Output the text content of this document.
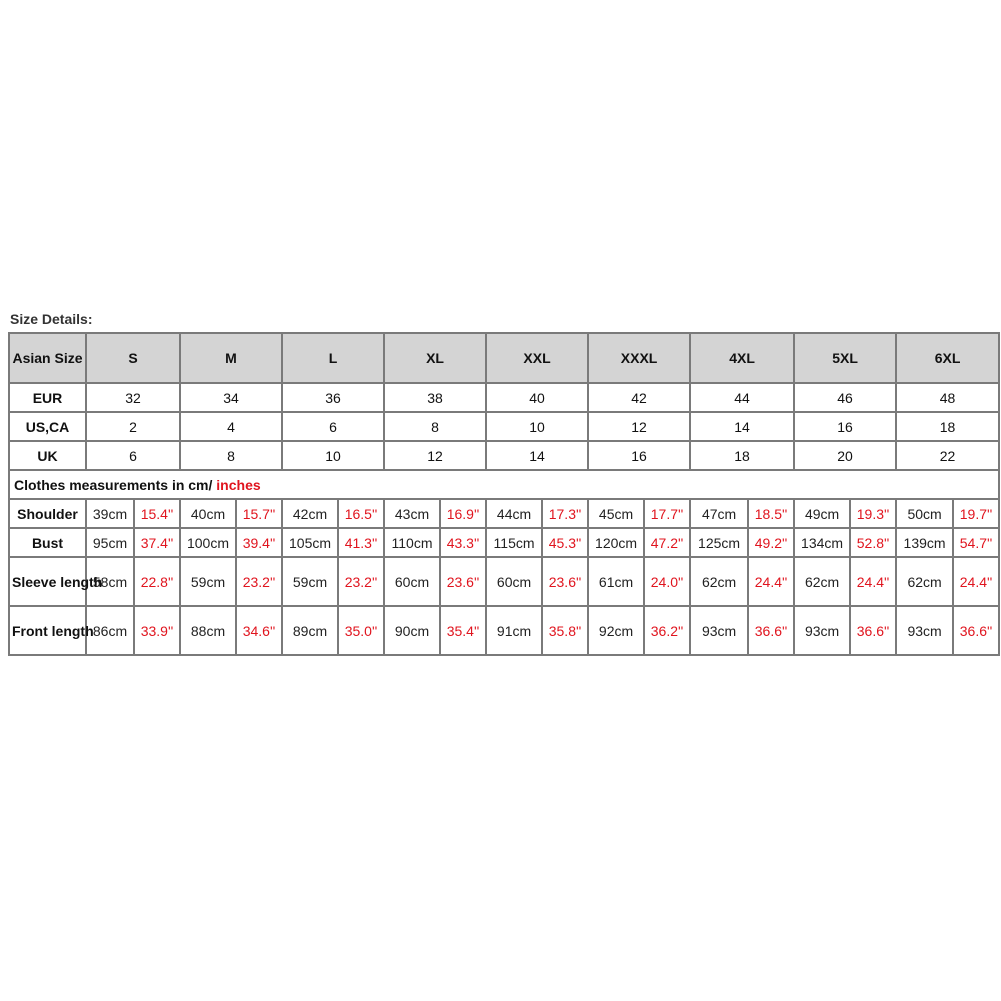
Size Details:
Asian Size	S		M		L		XL		XXL		XXXL		4XL		5XL		6XL	
EUR	32		34		36		38		40		42		44		46		48	
US,CA	2		4		6		8		10		12		14		16		18	
UK	6		8		10		12		14		16		18		20		22	
Clothes measurements in cm/ inches																		
Shoulder	39cm	15.4''	40cm	15.7''	42cm	16.5''	43cm	16.9''	44cm	17.3''	45cm	17.7''	47cm	18.5''	49cm	19.3''	50cm	19.7''
Bust	95cm	37.4''	100cm	39.4''	105cm	41.3''	110cm	43.3''	115cm	45.3''	120cm	47.2''	125cm	49.2''	134cm	52.8''	139cm	54.7''
Sleeve length	58cm	22.8''	59cm	23.2''	59cm	23.2''	60cm	23.6''	60cm	23.6''	61cm	24.0''	62cm	24.4''	62cm	24.4''	62cm	24.4''
Front length	86cm	33.9''	88cm	34.6''	89cm	35.0''	90cm	35.4''	91cm	35.8''	92cm	36.2''	93cm	36.6''	93cm	36.6''	93cm	36.6''
